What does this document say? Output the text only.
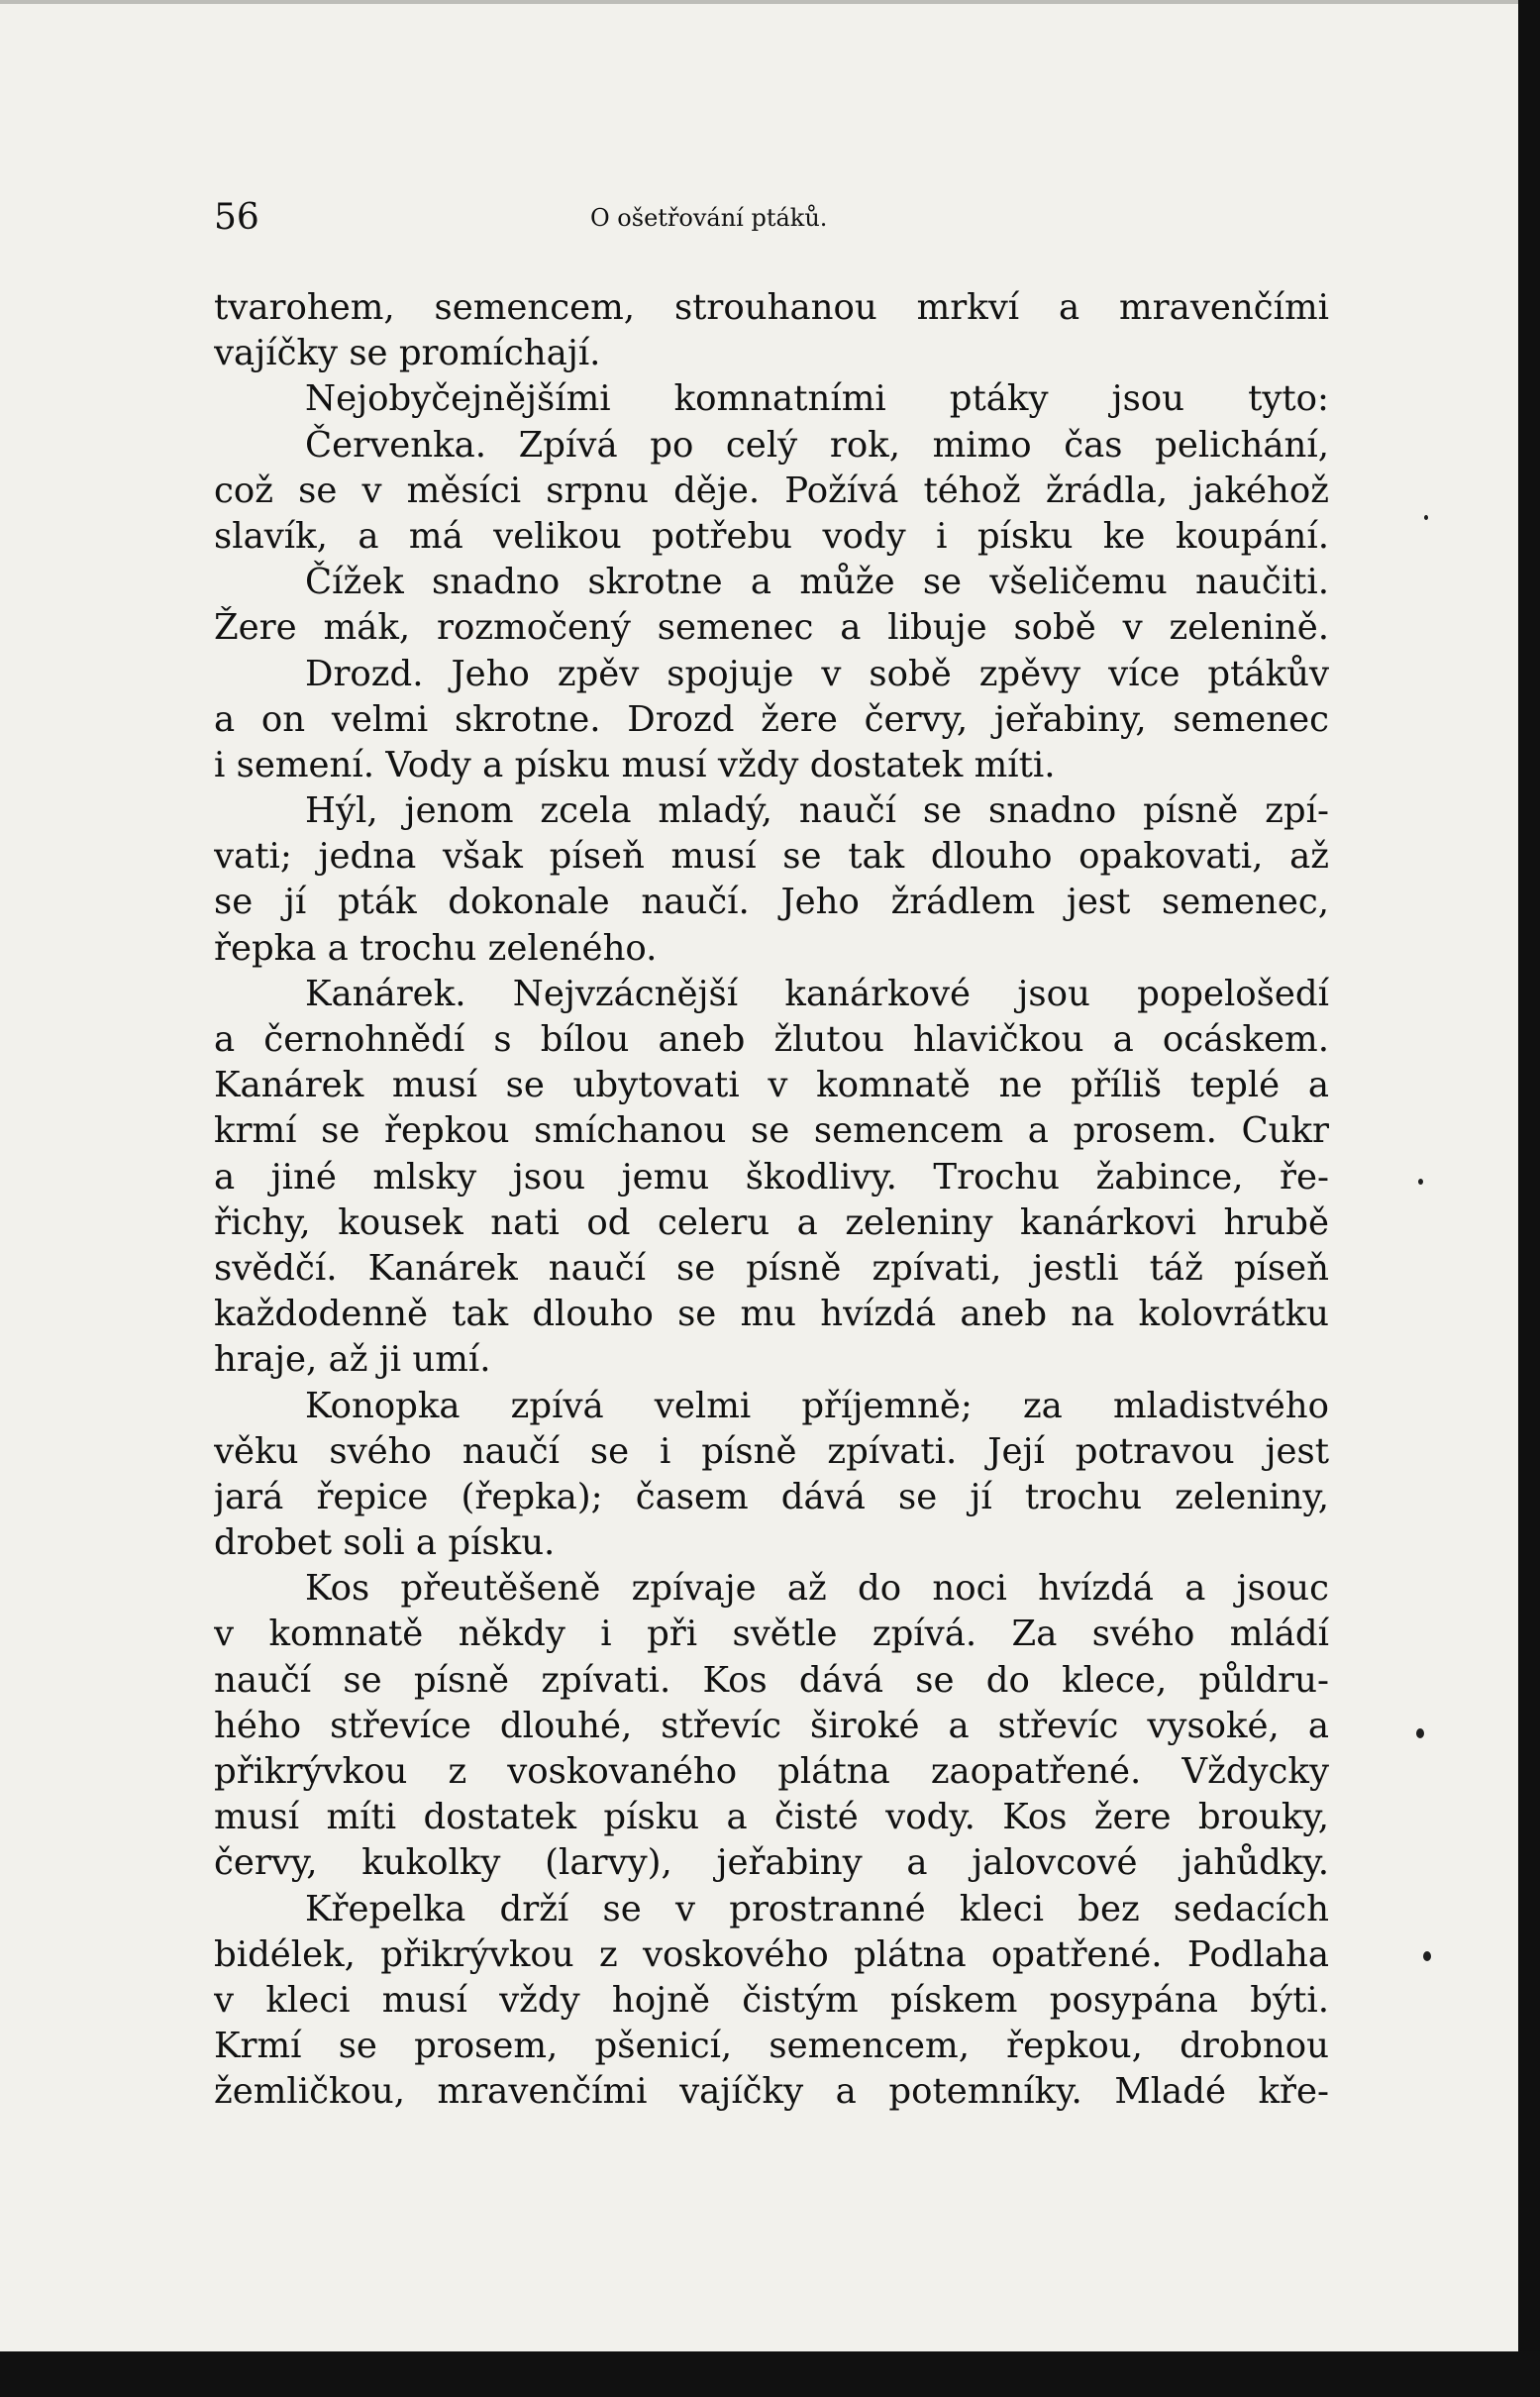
56	O ošetřování ptáků.
tvarohem, semencem, strouhanou mrkví a mravenčími
vajíčky se promíchají.
Nejobyčejnějšími komnatními ptáky jsou tyto:
Červenka. Zpívá po celý rok, mimo čas pelichání,
což se v měsíci srpnu děje. Požívá téhož žrádla, jakéhož
slavík, a má velikou potřebu vody i písku ke koupání.
Čížek snadno skrotne a může se všeličemu naučiti.
Žere mák, rozmočený semenec a libuje sobě v zelenině.
Drozd. Jeho zpěv spojuje v sobě zpěvy více ptákův
a on velmi skrotne. Drozd žere červy, jeřabiny, semenec
i semení. Vody a písku musí vždy dostatek míti.
Hýl, jenom zcela mladý, naučí se snadno písně zpí-
vati; jedna však píseň musí se tak dlouho opakovati, až
se jí pták dokonale naučí. Jeho žrádlem jest semenec,
řepka a trochu zeleného.
Kanárek. Nejvzácnější kanárkové jsou popelošedí
a černohnědí s bílou aneb žlutou hlavičkou a ocáskem.
Kanárek musí se ubytovati v komnatě ne příliš teplé a
krmí se řepkou smíchanou se semencem a prosem. Cukr
a jiné mlsky jsou jemu škodlivy. Trochu žabince, ře-
řichy, kousek nati od celeru a zeleniny kanárkovi hrubě
svědčí. Kanárek naučí se písně zpívati, jestli táž píseň
každodenně tak dlouho se mu hvízdá aneb na kolovrátku
hraje, až ji umí.
Konopka zpívá velmi příjemně; za mladistvého
věku svého naučí se i písně zpívati. Její potravou jest
jará řepice (řepka); časem dává se jí trochu zeleniny,
drobet soli a písku.
Kos přeutěšeně zpívaje až do noci hvízdá a jsouc
v komnatě někdy i při světle zpívá. Za svého mládí
naučí se písně zpívati. Kos dává se do klece, půldru-
hého střevíce dlouhé, střevíc široké a střevíc vysoké, a
přikrývkou z voskovaného plátna zaopatřené. Vždycky
musí míti dostatek písku a čisté vody. Kos žere brouky,
červy, kukolky (larvy), jeřabiny a jalovcové jahůdky.
Křepelka drží se v prostranné kleci bez sedacích
bidélek, přikrývkou z voskového plátna opatřené. Podlaha
v kleci musí vždy hojně čistým pískem posypána býti.
Krmí se prosem, pšenicí, semencem, řepkou, drobnou
žemličkou, mravenčími vajíčky a potemníky. Mladé kře-
